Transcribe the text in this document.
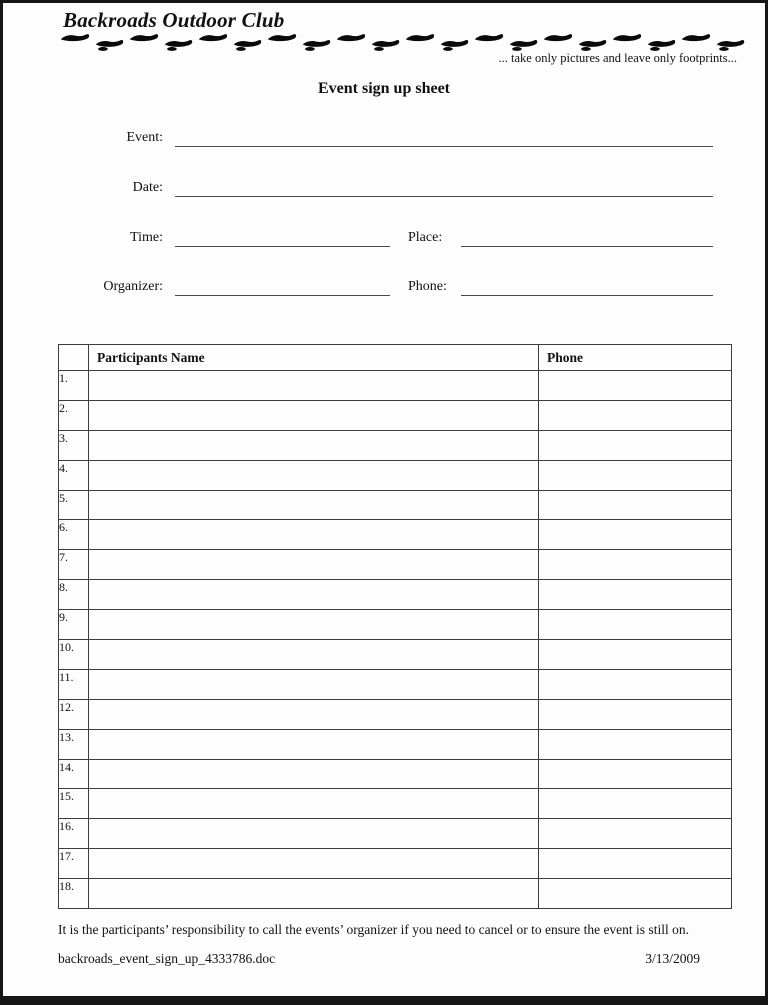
Backroads Outdoor Club
... take only pictures and leave only footprints...
Event sign up sheet
Event:
Date:
Time:	Place:
Organizer:	Phone:
	Participants Name	Phone
1.		
2.		
3.		
4.		
5.		
6.		
7.		
8.		
9.		
10.		
11.		
12.		
13.		
14.		
15.		
16.		
17.		
18.		
It is the participants’ responsibility to call the events’ organizer if you need to cancel or to ensure the event is still on.
backroads_event_sign_up_4333786.doc	3/13/2009
